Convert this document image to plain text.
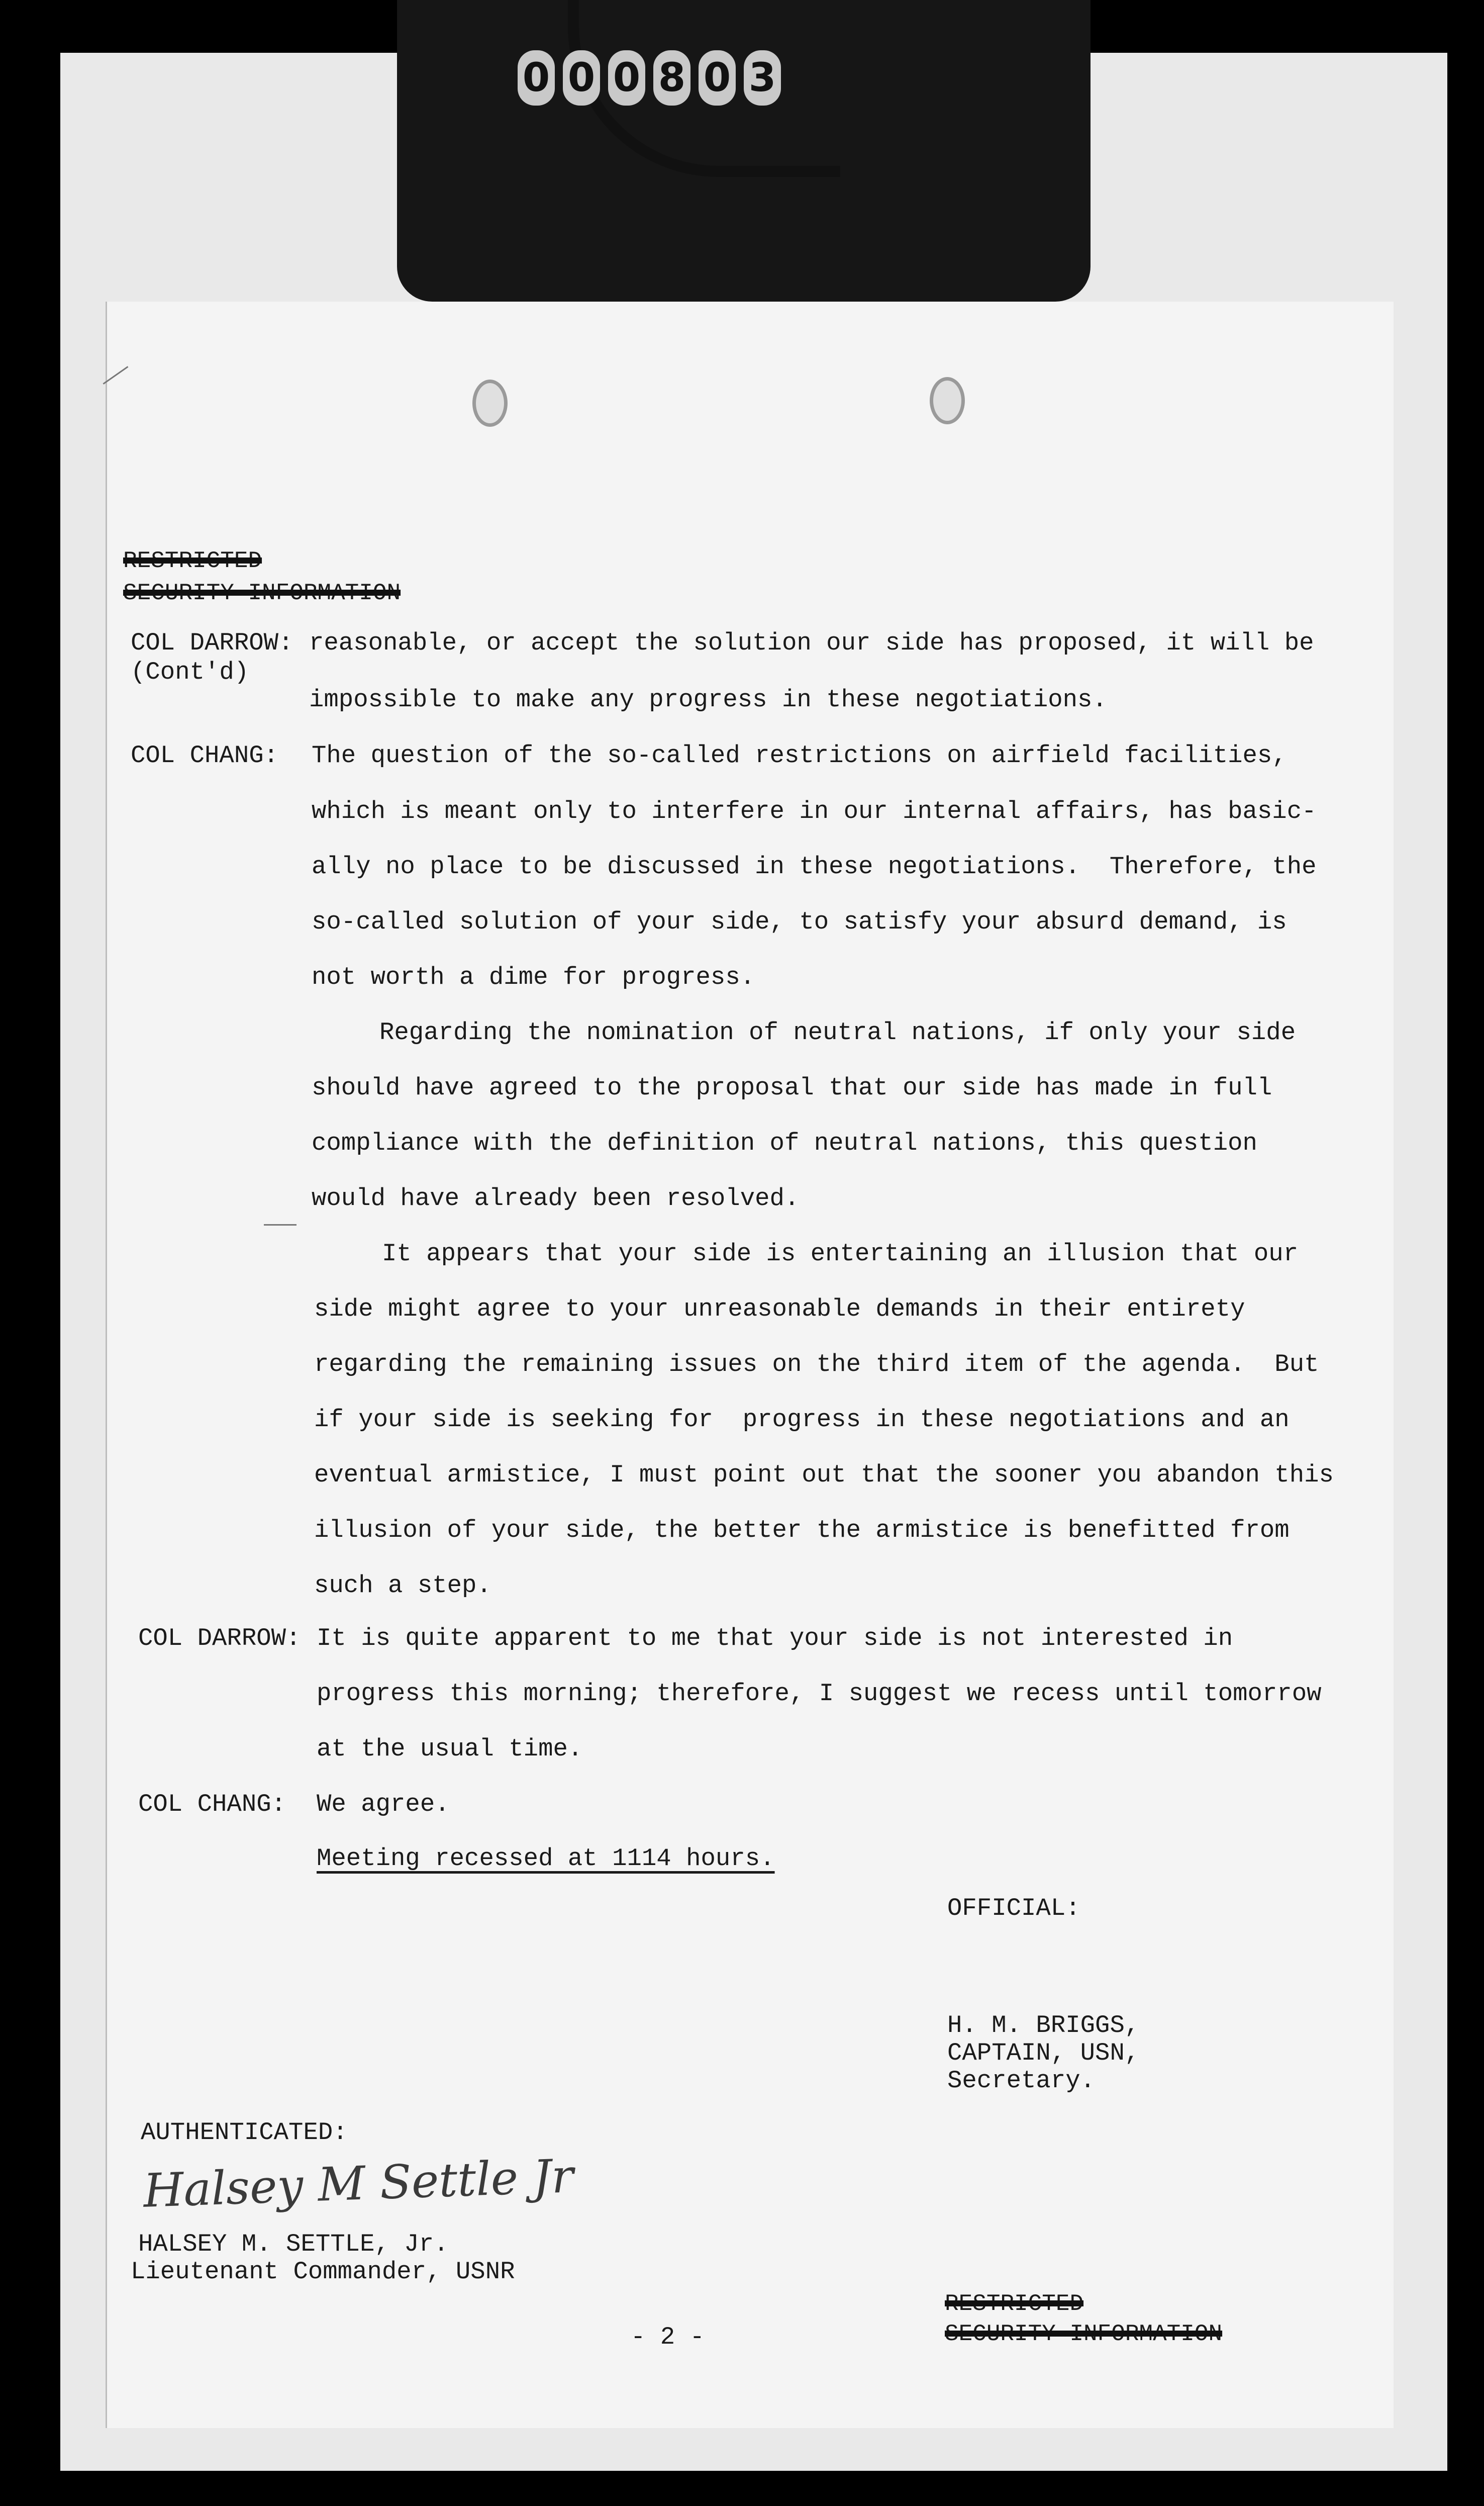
0 0 0 8 0 3
RESTRICTED
SECURITY INFORMATION
COL DARROW:
(Cont'd)
reasonable, or accept the solution our side has proposed, it will be
impossible to make any progress in these negotiations.
COL CHANG: The question of the so-called restrictions on airfield facilities,
which is meant only to interfere in our internal affairs, has basic-
ally no place to be discussed in these negotiations.  Therefore, the
so-called solution of your side, to satisfy your absurd demand, is
not worth a dime for progress.
Regarding the nomination of neutral nations, if only your side
should have agreed to the proposal that our side has made in full
compliance with the definition of neutral nations, this question
would have already been resolved.
It appears that your side is entertaining an illusion that our
side might agree to your unreasonable demands in their entirety
regarding the remaining issues on the third item of the agenda.  But
if your side is seeking for  progress in these negotiations and an
eventual armistice, I must point out that the sooner you abandon this
illusion of your side, the better the armistice is benefitted from
such a step.
COL DARROW: It is quite apparent to me that your side is not interested in
progress this morning; therefore, I suggest we recess until tomorrow
at the usual time.
COL CHANG: We agree.
Meeting recessed at 1114 hours.
OFFICIAL:
H. M. BRIGGS,
CAPTAIN, USN,
Secretary.
AUTHENTICATED:
Halsey M Settle Jr
HALSEY M. SETTLE, Jr.
Lieutenant Commander, USNR
- 2 -
RESTRICTED
SECURITY INFORMATION
